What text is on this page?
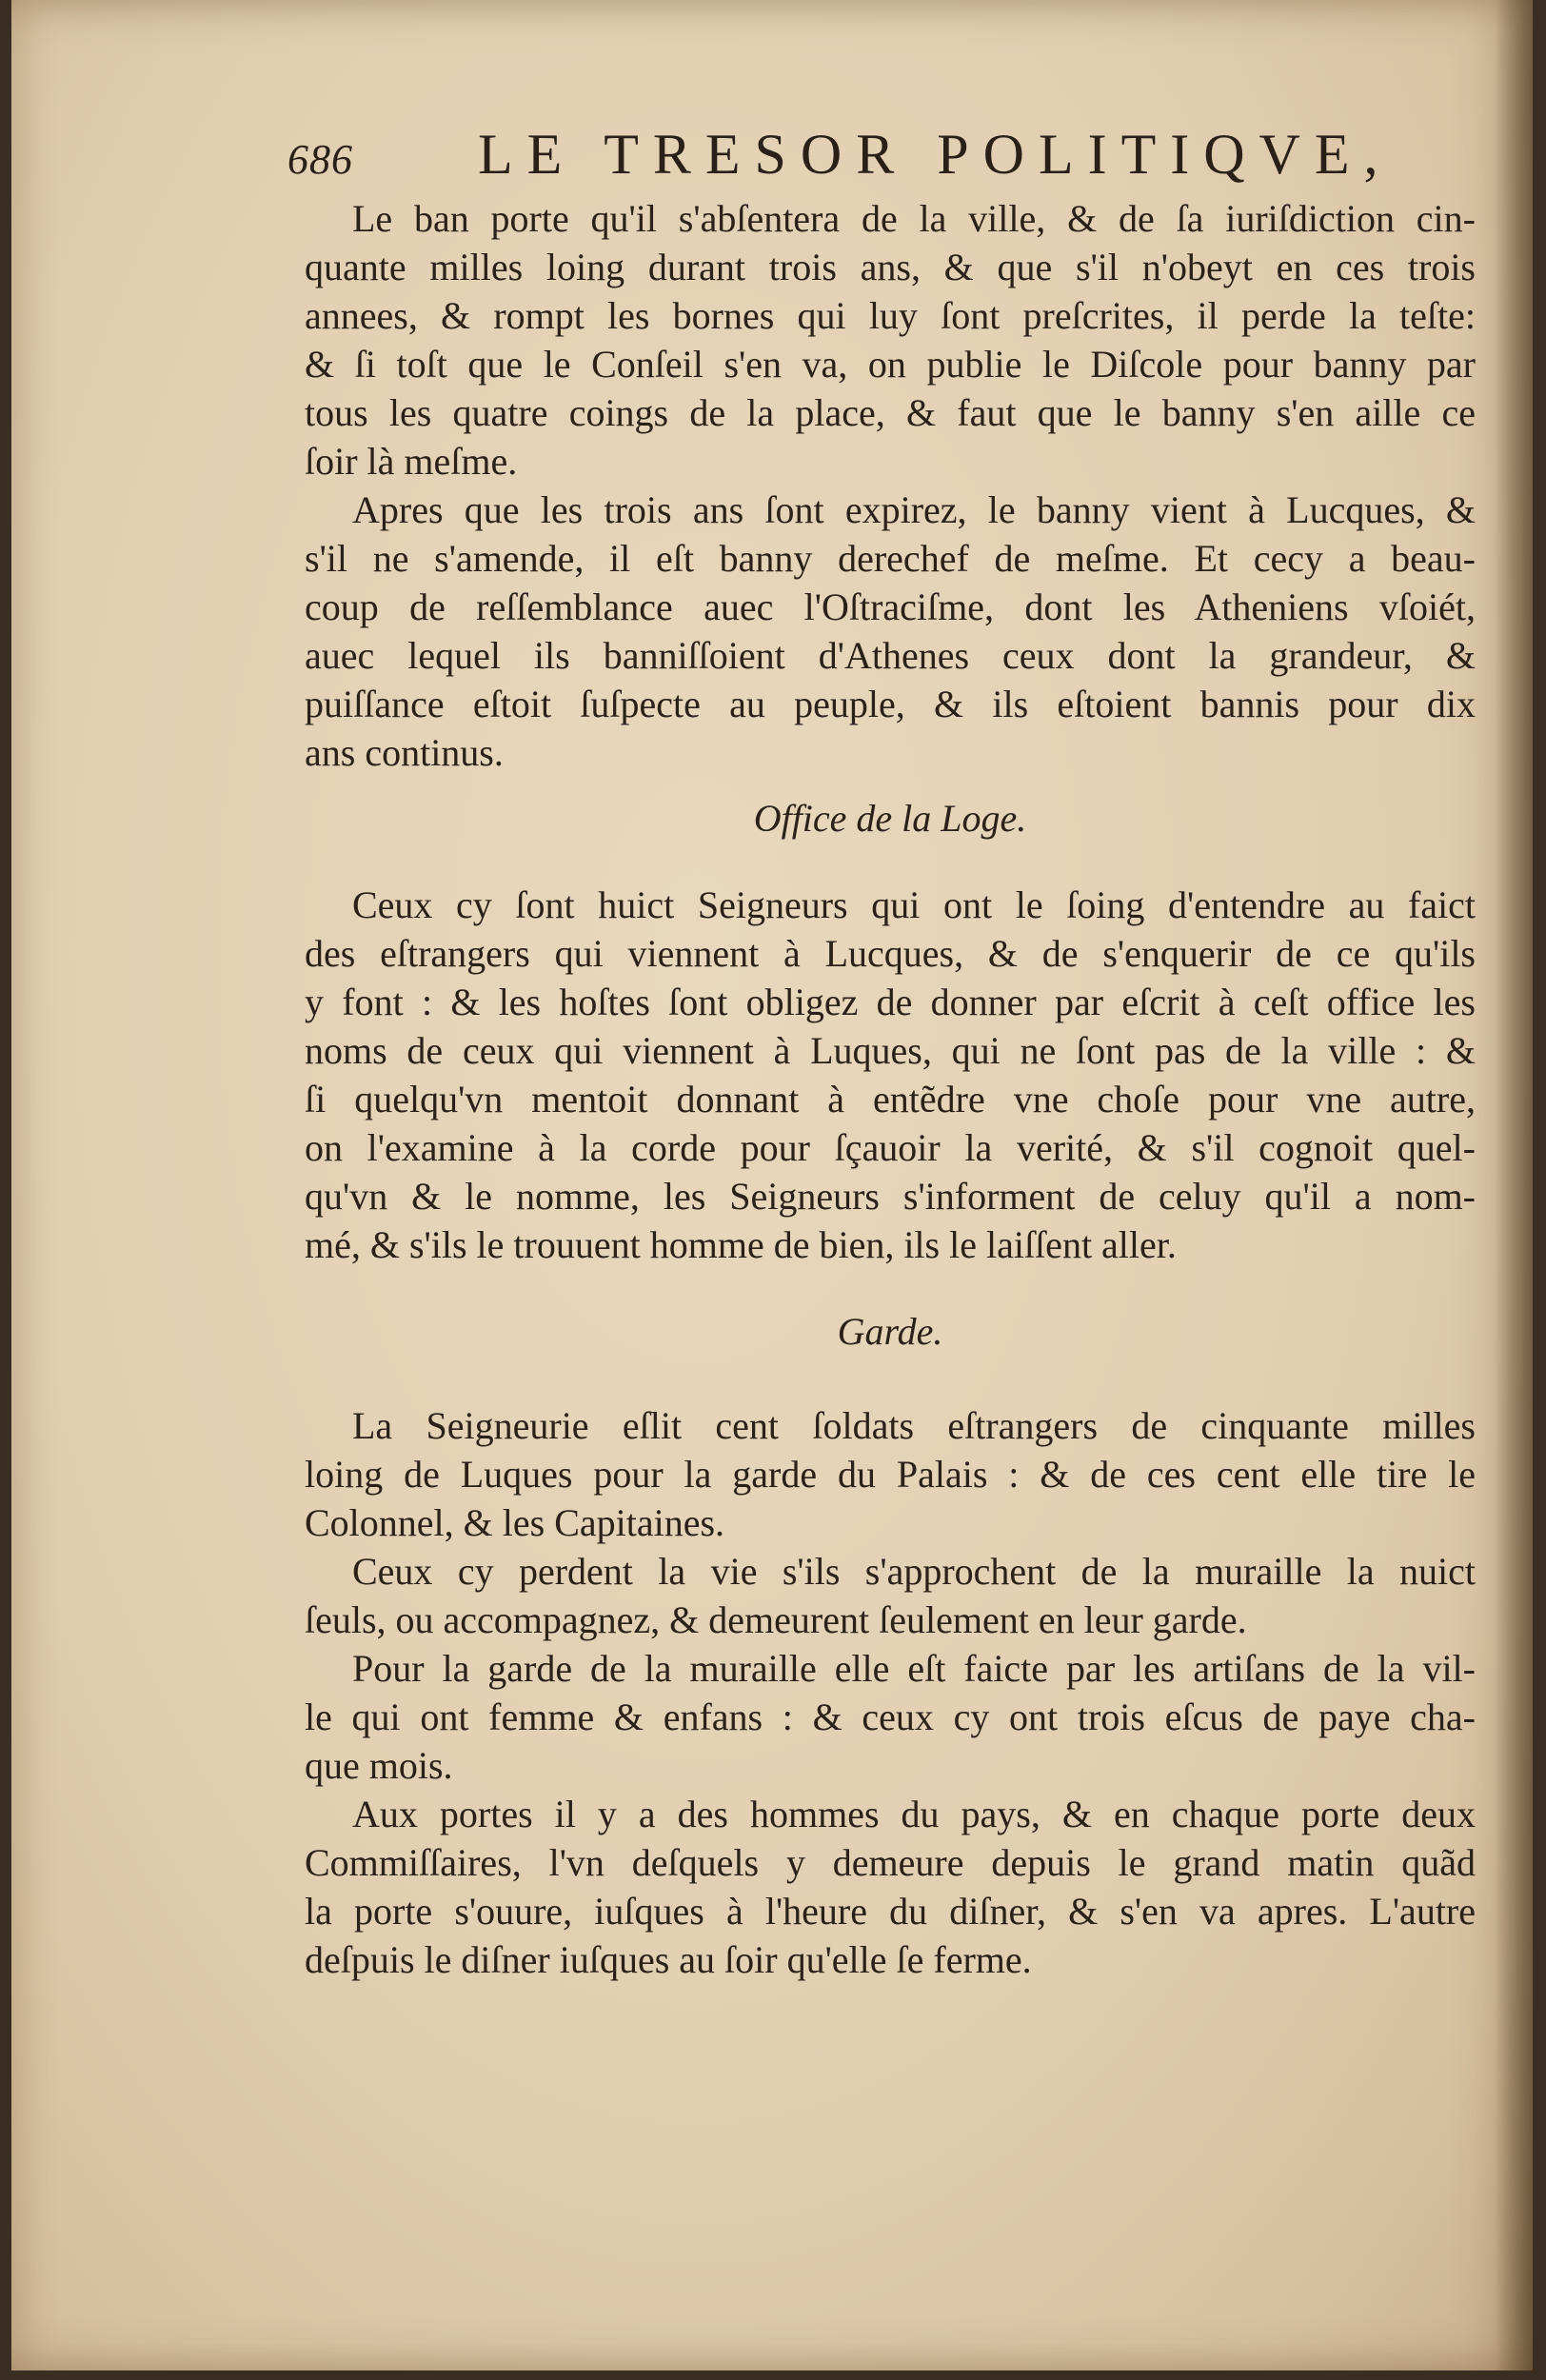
686 LE TRESOR POLITIQVE,
Le ban porte qu'il s'abſentera de la ville, & de ſa iuriſdiction cin-
quante milles loing durant trois ans, & que s'il n'obeyt en ces trois
annees, & rompt les bornes qui luy ſont preſcrites, il perde la teſte:
& ſi toſt que le Conſeil s'en va, on publie le Diſcole pour banny par
tous les quatre coings de la place, & faut que le banny s'en aille ce
ſoir là meſme.
Apres que les trois ans ſont expirez, le banny vient à Lucques, &
s'il ne s'amende, il eſt banny derechef de meſme. Et cecy a beau-
coup de reſſemblance auec l'Oſtraciſme, dont les Atheniens vſoiét,
auec lequel ils banniſſoient d'Athenes ceux dont la grandeur, &
puiſſance eſtoit ſuſpecte au peuple, & ils eſtoient bannis pour dix
ans continus.
Office de la Loge.
Ceux cy ſont huict Seigneurs qui ont le ſoing d'entendre au faict
des eſtrangers qui viennent à Lucques, & de s'enquerir de ce qu'ils
y font : & les hoſtes ſont obligez de donner par eſcrit à ceſt office les
noms de ceux qui viennent à Luques, qui ne ſont pas de la ville : &
ſi quelqu'vn mentoit donnant à entẽdre vne choſe pour vne autre,
on l'examine à la corde pour ſçauoir la verité, & s'il cognoit quel-
qu'vn & le nomme, les Seigneurs s'informent de celuy qu'il a nom-
mé, & s'ils le trouuent homme de bien, ils le laiſſent aller.
Garde.
La Seigneurie eſlit cent ſoldats eſtrangers de cinquante milles
loing de Luques pour la garde du Palais : & de ces cent elle tire le
Colonnel, & les Capitaines.
Ceux cy perdent la vie s'ils s'approchent de la muraille la nuict
ſeuls, ou accompagnez, & demeurent ſeulement en leur garde.
Pour la garde de la muraille elle eſt faicte par les artiſans de la vil-
le qui ont femme & enfans : & ceux cy ont trois eſcus de paye cha-
que mois.
Aux portes il y a des hommes du pays, & en chaque porte deux
Commiſſaires, l'vn deſquels y demeure depuis le grand matin quãd
la porte s'ouure, iuſques à l'heure du diſner, & s'en va apres. L'autre
deſpuis le diſner iuſques au ſoir qu'elle ſe ferme.
